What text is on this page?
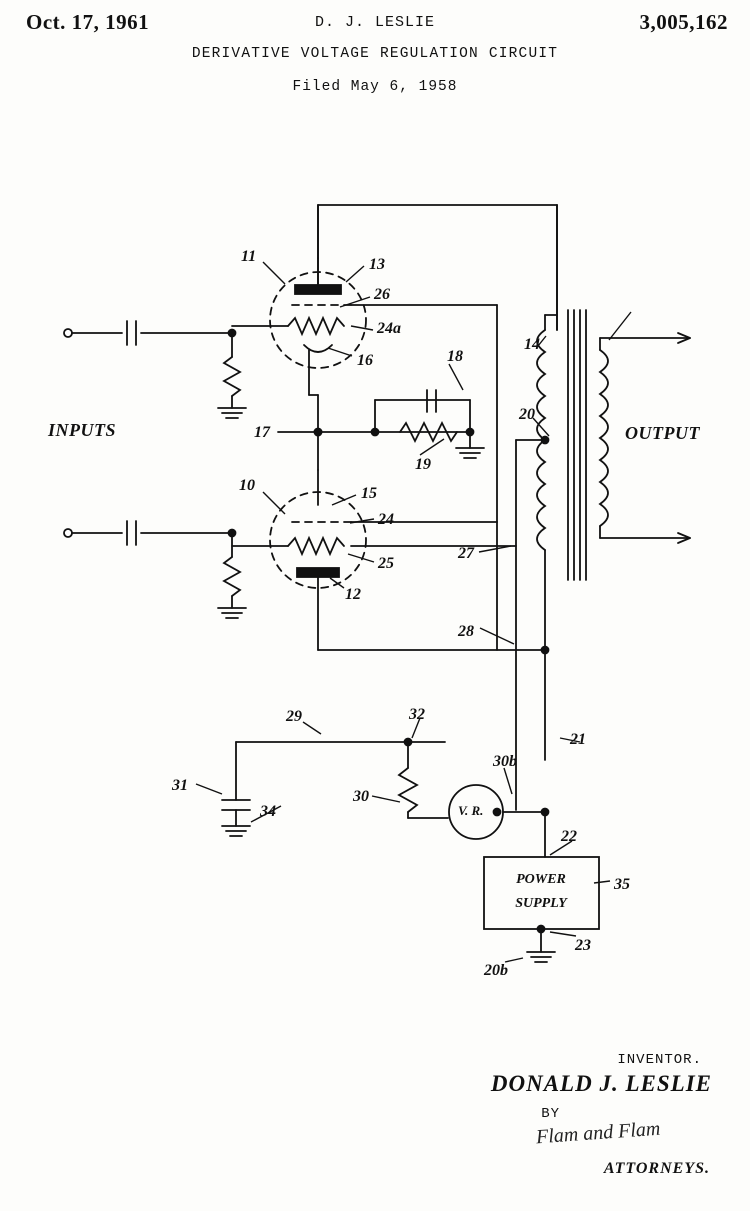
Oct. 17, 1961	D. J. LESLIE	3,005,162
DERIVATIVE VOLTAGE REGULATION CIRCUIT
Filed May 6, 1958
11	13
26
24a
16	18
17
19
10	15
24
25
12
14
20
27
28
29	32
21
30b
31
30
34
22
35
23
20b
INPUTS	OUTPUT
V. R.
POWER
SUPPLY
INVENTOR.
DONALD J. LESLIE
BY
Flam and Flam
ATTORNEYS.
